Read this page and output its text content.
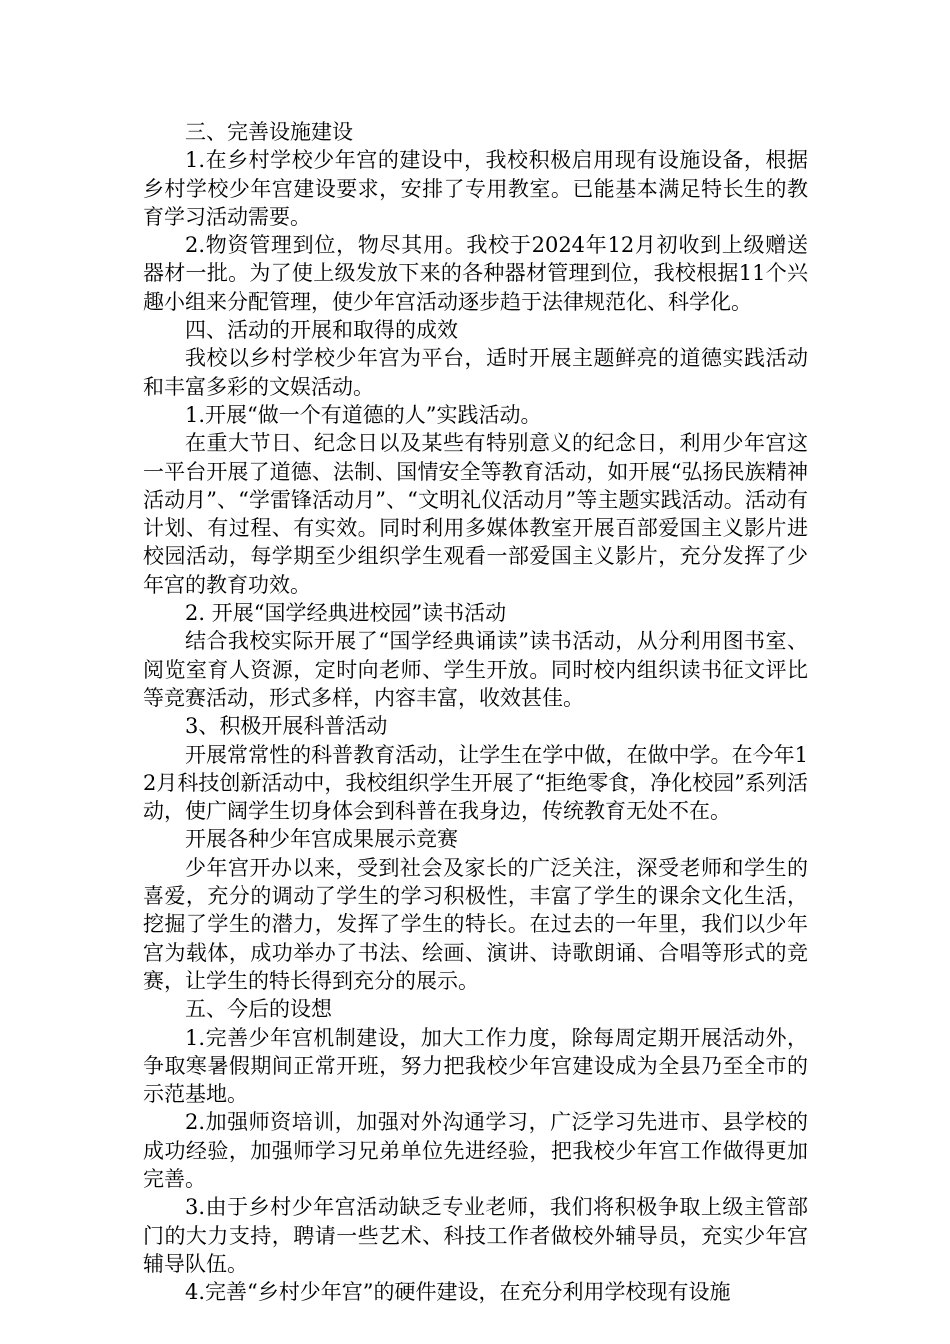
三、完善设施建设

1.在乡村学校少年宫的建设中，我校积极启用现有设施设备，根据乡村学校少年宫建设要求，安排了专用教室。已能基本满足特长生的教育学习活动需要。

2.物资管理到位，物尽其用。我校于2024年12月初收到上级赠送器材一批。为了使上级发放下来的各种器材管理到位，我校根据11个兴趣小组来分配管理，使少年宫活动逐步趋于法律规范化、科学化。

四、活动的开展和取得的成效

我校以乡村学校少年宫为平台，适时开展主题鲜亮的道德实践活动和丰富多彩的文娱活动。

1.开展“做一个有道德的人”实践活动。

在重大节日、纪念日以及某些有特别意义的纪念日，利用少年宫这一平台开展了道德、法制、国情安全等教育活动，如开展“弘扬民族精神活动月”、“学雷锋活动月”、“文明礼仪活动月”等主题实践活动。活动有计划、有过程、有实效。同时利用多媒体教室开展百部爱国主义影片进校园活动，每学期至少组织学生观看一部爱国主义影片，充分发挥了少年宫的教育功效。

2. 开展“国学经典进校园”读书活动

结合我校实际开展了“国学经典诵读”读书活动，从分利用图书室、阅览室育人资源，定时向老师、学生开放。同时校内组织读书征文评比等竞赛活动，形式多样，内容丰富，收效甚佳。

3、积极开展科普活动

开展常常性的科普教育活动，让学生在学中做，在做中学。在今年12月科技创新活动中，我校组织学生开展了“拒绝零食，净化校园”系列活动，使广阔学生切身体会到科普在我身边，传统教育无处不在。

开展各种少年宫成果展示竞赛

少年宫开办以来，受到社会及家长的广泛关注，深受老师和学生的喜爱，充分的调动了学生的学习积极性，丰富了学生的课余文化生活，挖掘了学生的潜力，发挥了学生的特长。在过去的一年里，我们以少年宫为载体，成功举办了书法、绘画、演讲、诗歌朗诵、合唱等形式的竞赛，让学生的特长得到充分的展示。

五、今后的设想

1.完善少年宫机制建设，加大工作力度，除每周定期开展活动外，争取寒暑假期间正常开班，努力把我校少年宫建设成为全县乃至全市的示范基地。

2.加强师资培训，加强对外沟通学习，广泛学习先进市、县学校的成功经验，加强师学习兄弟单位先进经验，把我校少年宫工作做得更加完善。

3.由于乡村少年宫活动缺乏专业老师，我们将积极争取上级主管部门的大力支持，聘请一些艺术、科技工作者做校外辅导员，充实少年宫辅导队伍。

4.完善“乡村少年宫”的硬件建设，在充分利用学校现有设施
